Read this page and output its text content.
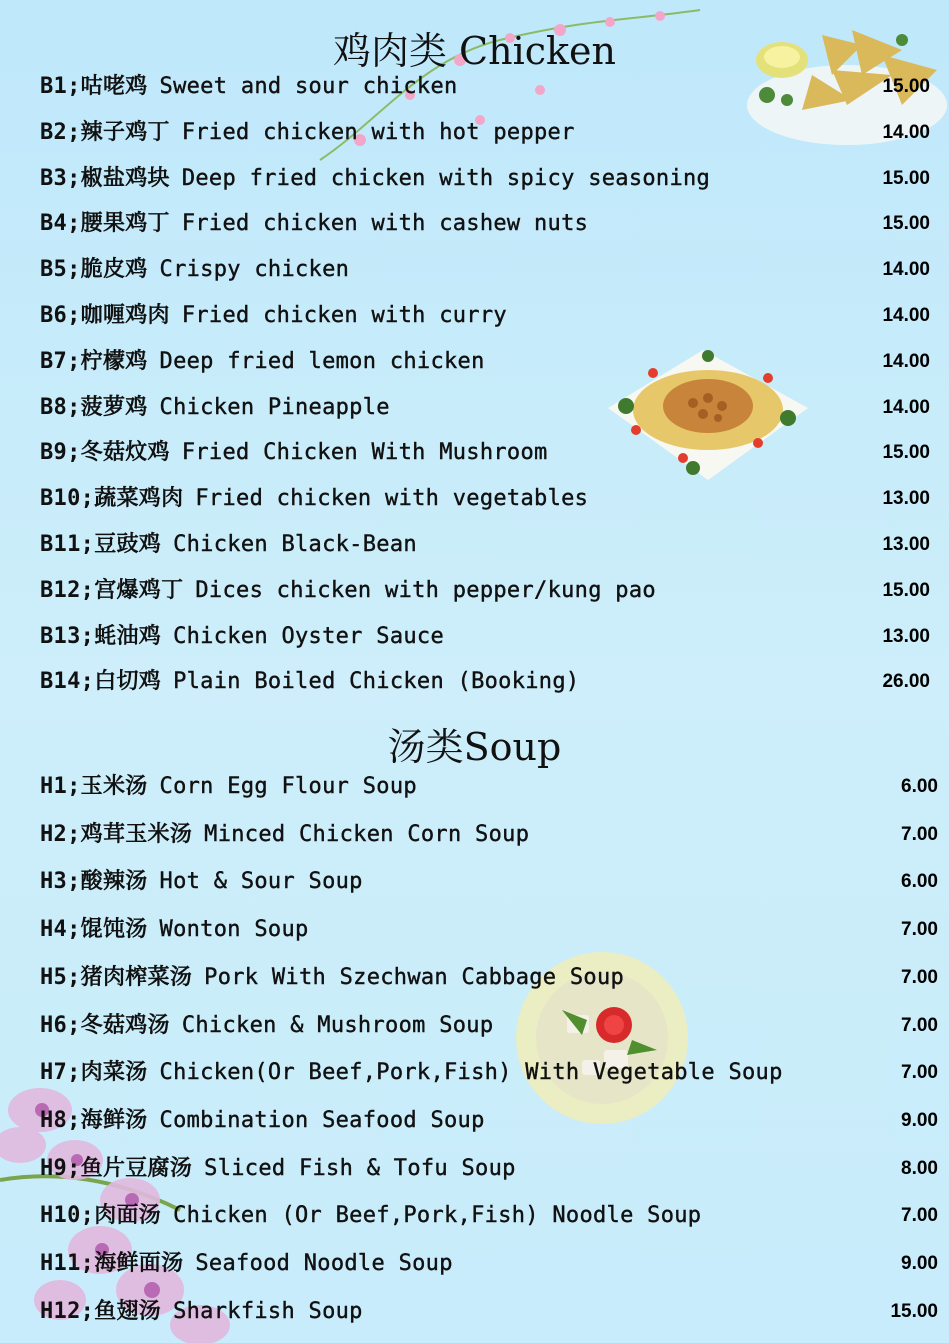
鸡肉类 Chicken
B1;咕咾鸡 Sweet and sour chicken	15.00
B2;辣子鸡丁 Fried chicken with hot pepper	14.00
B3;椒盐鸡块 Deep fried chicken with spicy seasoning	15.00
B4;腰果鸡丁 Fried chicken with cashew nuts	15.00
B5;脆皮鸡 Crispy chicken	14.00
B6;咖喱鸡肉 Fried chicken with curry	14.00
B7;柠檬鸡 Deep fried lemon chicken	14.00
B8;菠萝鸡 Chicken Pineapple	14.00
B9;冬菇炆鸡 Fried Chicken With Mushroom	15.00
B10;蔬菜鸡肉 Fried chicken with vegetables	13.00
B11;豆豉鸡 Chicken Black-Bean	13.00
B12;宫爆鸡丁 Dices chicken with pepper/kung pao	15.00
B13;蚝油鸡 Chicken Oyster Sauce	13.00
B14;白切鸡 Plain Boiled Chicken (Booking)	26.00
汤类Soup
H1;玉米汤 Corn Egg Flour Soup	6.00
H2;鸡茸玉米汤 Minced Chicken Corn Soup	7.00
H3;酸辣汤 Hot & Sour Soup	6.00
H4;馄饨汤 Wonton Soup	7.00
H5;猪肉榨菜汤 Pork With Szechwan Cabbage Soup	7.00
H6;冬菇鸡汤 Chicken & Mushroom Soup	7.00
H7;肉菜汤 Chicken(Or Beef,Pork,Fish) With Vegetable Soup	7.00
H8;海鲜汤 Combination Seafood Soup	9.00
H9;鱼片豆腐汤 Sliced Fish & Tofu Soup	8.00
H10;肉面汤 Chicken (Or Beef,Pork,Fish) Noodle Soup	7.00
H11;海鲜面汤 Seafood Noodle Soup	9.00
H12;鱼翅汤 Sharkfish Soup	15.00
